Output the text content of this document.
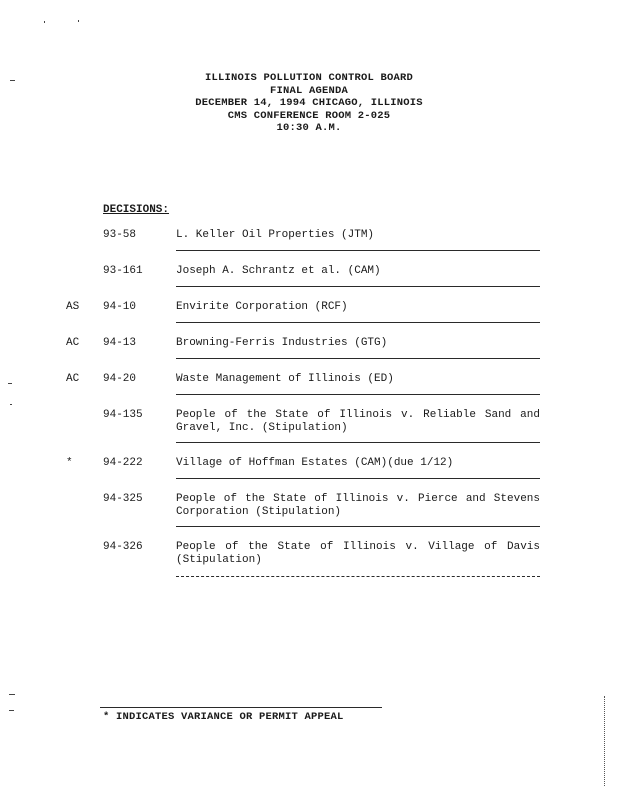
ILLINOIS POLLUTION CONTROL BOARD
FINAL AGENDA
DECEMBER 14, 1994 CHICAGO, ILLINOIS
CMS CONFERENCE ROOM 2-025
10:30 A.M.
DECISIONS:
93-58	L. Keller Oil Properties (JTM)
93-161	Joseph A. Schrantz et al. (CAM)
AS 94-10	Envirite Corporation (RCF)
AC 94-13	Browning-Ferris Industries (GTG)
AC 94-20	Waste Management of Illinois (ED)
94-135	People of the State of Illinois v. Reliable Sand and Gravel, Inc. (Stipulation)
*	94-222	Village of Hoffman Estates (CAM)(due 1/12)
94-325	People of the State of Illinois v. Pierce and Stevens Corporation (Stipulation)
94-326	People of the State of Illinois v. Village of Davis (Stipulation)
* INDICATES VARIANCE OR PERMIT APPEAL
